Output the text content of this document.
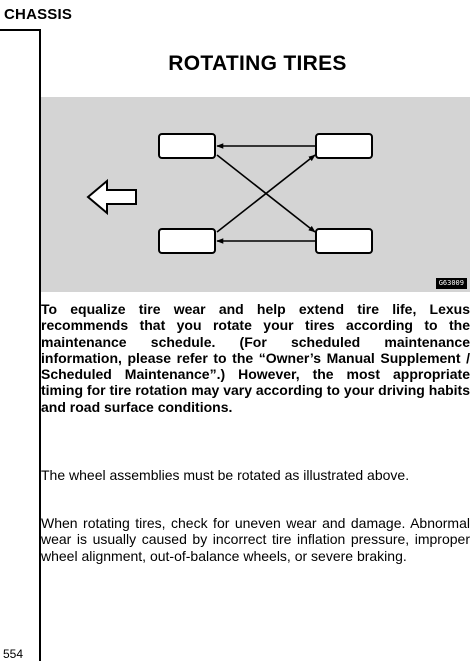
CHASSIS
ROTATING TIRES
G63009

To equalize tire wear and help extend tire life, Lexus recommends that you rotate your tires according to the maintenance schedule. (For scheduled maintenance information, please refer to the “Owner’s Manual Supplement / Scheduled Maintenance”.) However, the most appropriate timing for tire rotation may vary according to your driving habits and road surface conditions.

The wheel assemblies must be rotated as illustrated above.

When rotating tires, check for uneven wear and damage. Abnormal wear is usually caused by incorrect tire inflation pressure, improper wheel alignment, out-of-balance wheels, or severe braking.

554
